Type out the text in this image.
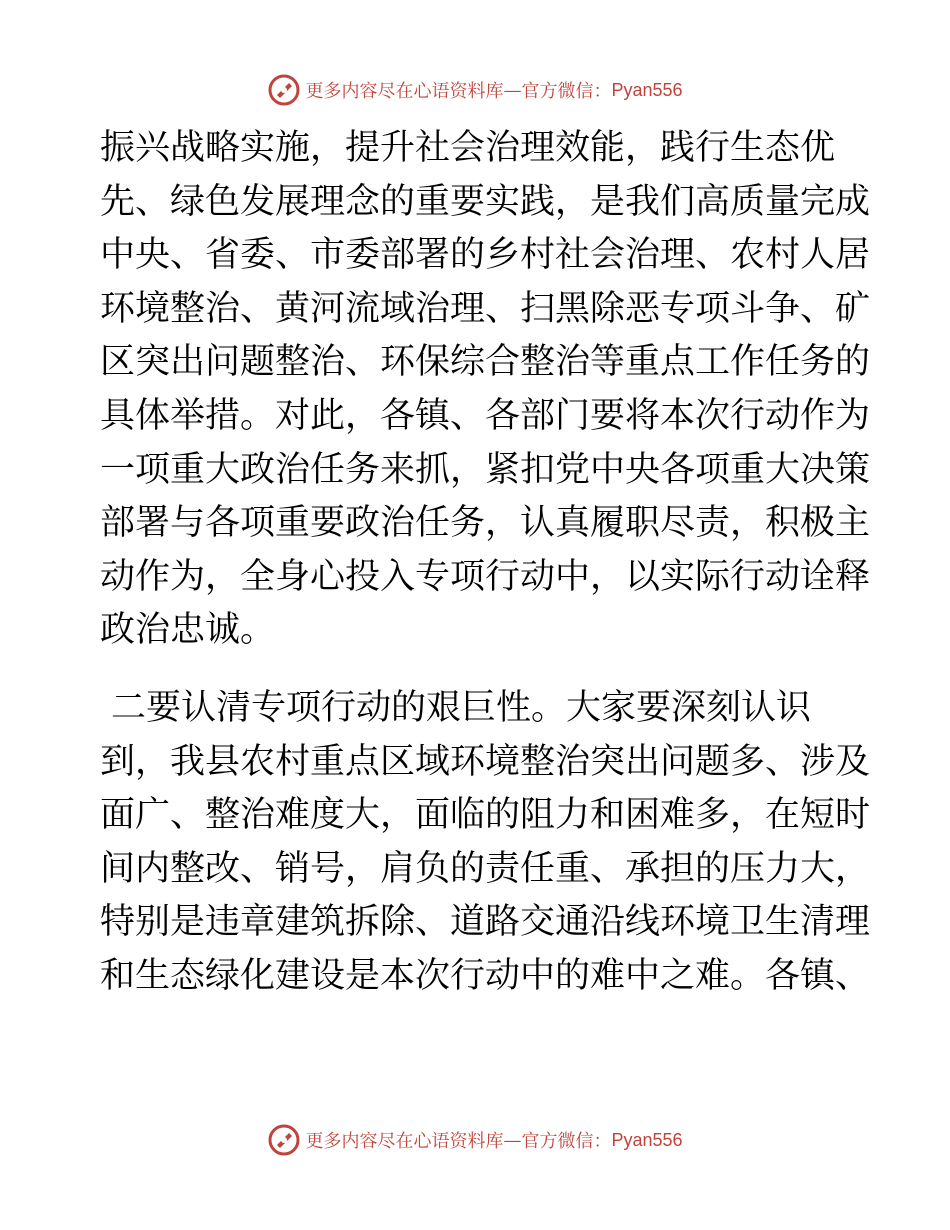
更多内容尽在心语资料库 — 官方微信： Pyan556
振兴战略实施，提升社会治理效能，践行生态优
先、绿色发展理念的重要实践，是我们高质量完成
中央、省委、市委部署的乡村社会治理、农村人居
环境整治、黄河流域治理、扫黑除恶专项斗争、矿
区突出问题整治、环保综合整治等重点工作任务的
具体举措。对此，各镇、各部门要将本次行动作为
一项重大政治任务来抓，紧扣党中央各项重大决策
部署与各项重要政治任务，认真履职尽责，积极主
动作为，全身心投入专项行动中，以实际行动诠释
政治忠诚。
二要认清专项行动的艰巨性。大家要深刻认识
到，我县农村重点区域环境整治突出问题多、涉及
面广、整治难度大，面临的阻力和困难多，在短时
间内整改、销号，肩负的责任重、承担的压力大，
特别是违章建筑拆除、道路交通沿线环境卫生清理
和生态绿化建设是本次行动中的难中之难。各镇、
更多内容尽在心语资料库 — 官方微信： Pyan556
